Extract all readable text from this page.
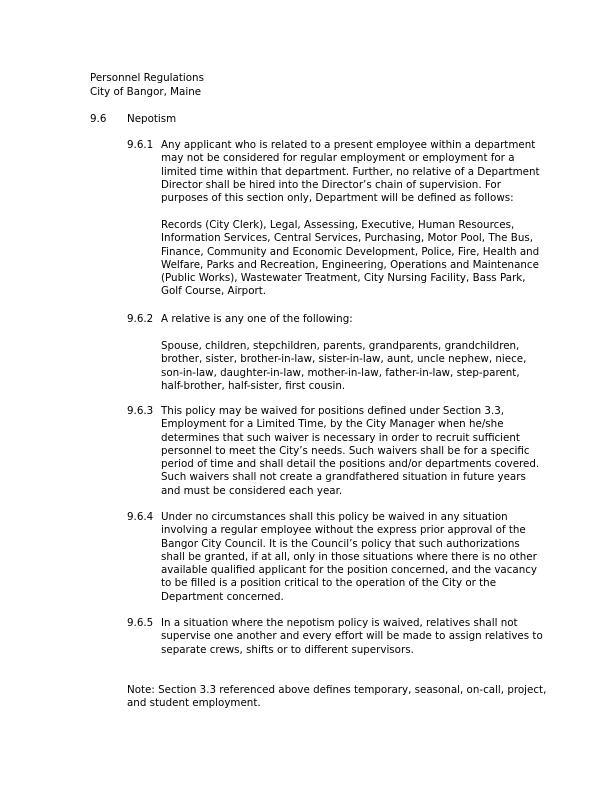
Personnel Regulations
City of Bangor, Maine
9.6 Nepotism
9.6.1 Any applicant who is related to a present employee within a department
may not be considered for regular employment or employment for a
limited time within that department. Further, no relative of a Department
Director shall be hired into the Director’s chain of supervision. For
purposes of this section only, Department will be defined as follows:
Records (City Clerk), Legal, Assessing, Executive, Human Resources,
Information Services, Central Services, Purchasing, Motor Pool, The Bus,
Finance, Community and Economic Development, Police, Fire, Health and
Welfare, Parks and Recreation, Engineering, Operations and Maintenance
(Public Works), Wastewater Treatment, City Nursing Facility, Bass Park,
Golf Course, Airport.
9.6.2 A relative is any one of the following:
Spouse, children, stepchildren, parents, grandparents, grandchildren,
brother, sister, brother-in-law, sister-in-law, aunt, uncle nephew, niece,
son-in-law, daughter-in-law, mother-in-law, father-in-law, step-parent,
half-brother, half-sister, first cousin.
9.6.3 This policy may be waived for positions defined under Section 3.3,
Employment for a Limited Time, by the City Manager when he/she
determines that such waiver is necessary in order to recruit sufficient
personnel to meet the City’s needs. Such waivers shall be for a specific
period of time and shall detail the positions and/or departments covered.
Such waivers shall not create a grandfathered situation in future years
and must be considered each year.
9.6.4 Under no circumstances shall this policy be waived in any situation
involving a regular employee without the express prior approval of the
Bangor City Council. It is the Council’s policy that such authorizations
shall be granted, if at all, only in those situations where there is no other
available qualified applicant for the position concerned, and the vacancy
to be filled is a position critical to the operation of the City or the
Department concerned.
9.6.5 In a situation where the nepotism policy is waived, relatives shall not
supervise one another and every effort will be made to assign relatives to
separate crews, shifts or to different supervisors.
Note: Section 3.3 referenced above defines temporary, seasonal, on-call, project,
and student employment.
